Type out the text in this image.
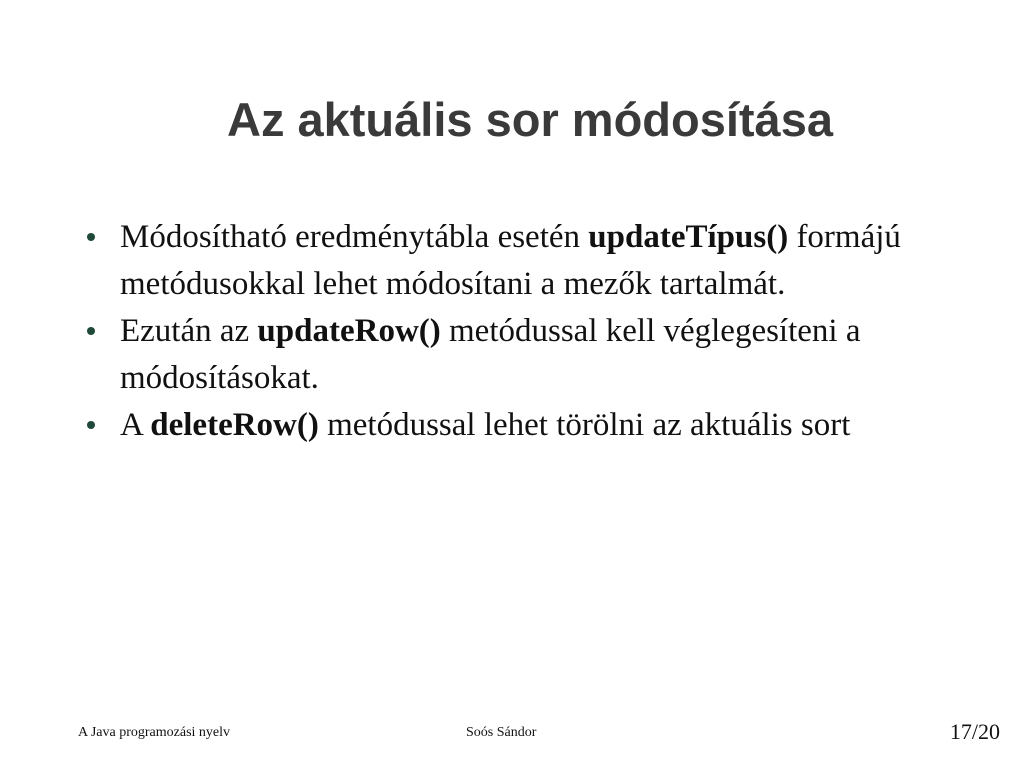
Az aktuális sor módosítása
Módosítható eredménytábla esetén updateTípus() formájú metódusokkal lehet módosítani a mezők tartalmát.
Ezután az updateRow() metódussal kell véglegesíteni a módosításokat.
A deleteRow() metódussal lehet törölni az aktuális sort
A Java programozási nyelv	Soós Sándor	17/20
